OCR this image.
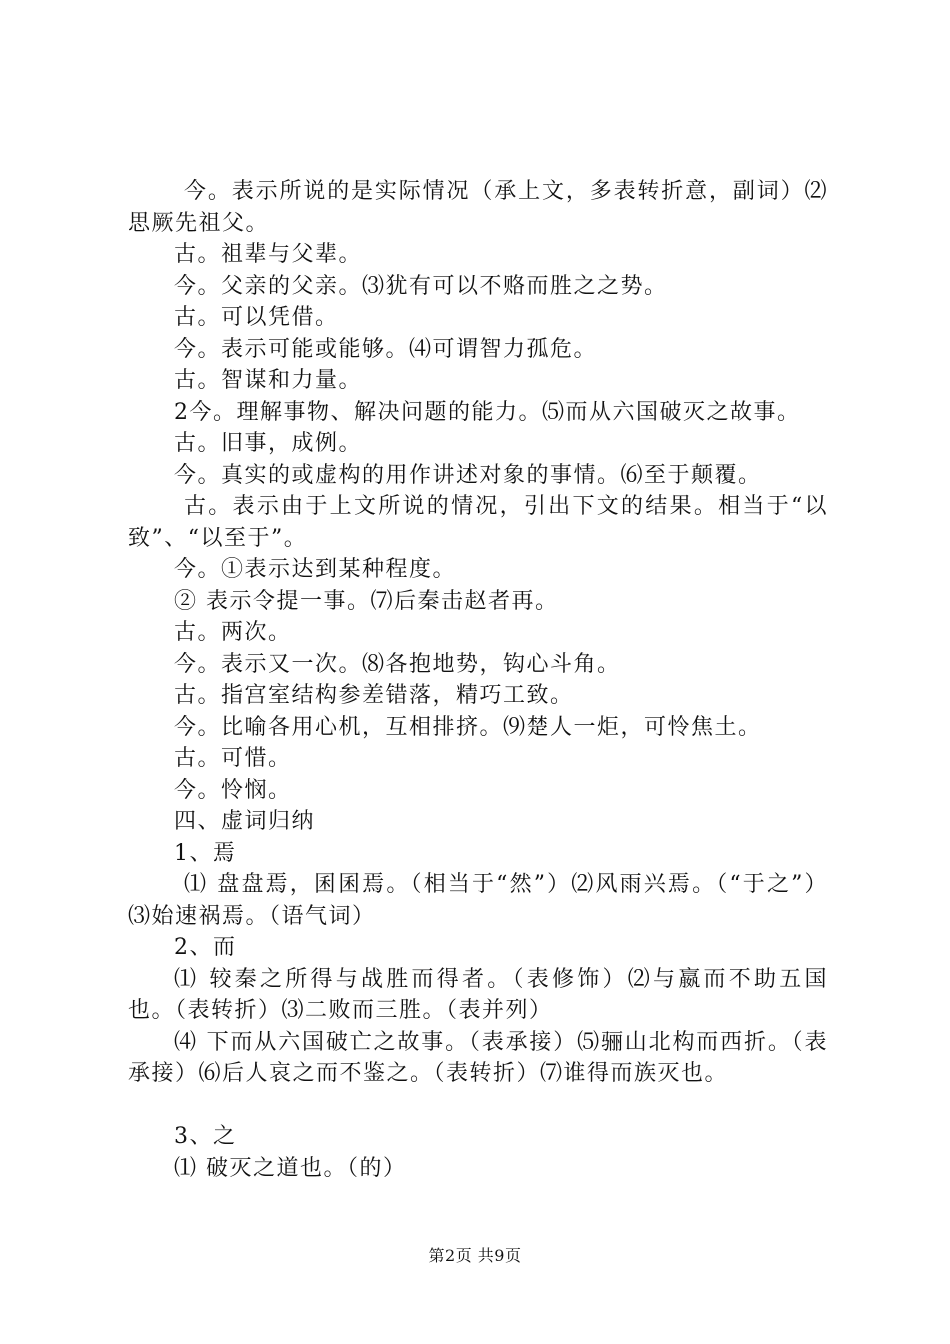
今。表示所说的是实际情况（承上文，多表转折意，副词）⑵思厥先祖父。

古。祖辈与父辈。

今。父亲的父亲。⑶犹有可以不赂而胜之之势。

古。可以凭借。

今。表示可能或能够。⑷可谓智力孤危。

古。智谋和力量。

2今。理解事物、解决问题的能力。⑸而从六国破灭之故事。

古。旧事，成例。

今。真实的或虚构的用作讲述对象的事情。⑹至于颠覆。

古。表示由于上文所说的情况，引出下文的结果。相当于“以致”、“以至于”。

今。①表示达到某种程度。

② 表示令提一事。⑺后秦击赵者再。

古。两次。

今。表示又一次。⑻各抱地势，钩心斗角。

古。指宫室结构参差错落，精巧工致。

今。比喻各用心机，互相排挤。⑼楚人一炬，可怜焦土。

古。可惜。

今。怜悯。

四、虚词归纳

1、焉

⑴ 盘盘焉，囷囷焉。（相当于“然”）⑵风雨兴焉。（“于之”）⑶始速祸焉。（语气词）

2、而

⑴ 较秦之所得与战胜而得者。（表修饰）⑵与嬴而不助五国也。（表转折）⑶二败而三胜。（表并列）

⑷ 下而从六国破亡之故事。（表承接）⑸骊山北构而西折。（表承接）⑹后人哀之而不鉴之。（表转折）⑺谁得而族灭也。

3、之

⑴ 破灭之道也。（的）

第2页 共9页
